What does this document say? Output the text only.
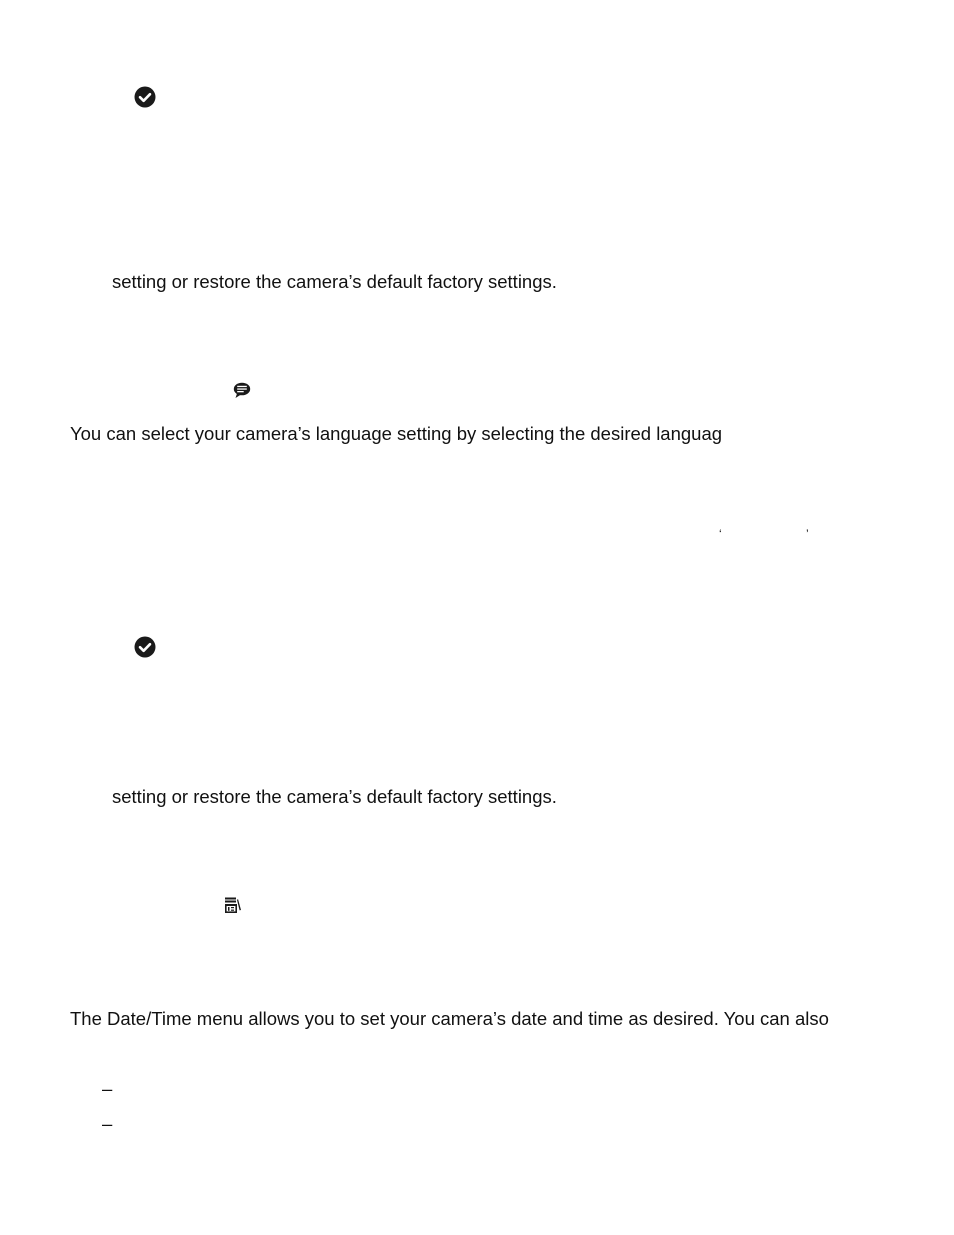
setting or restore the camera’s default factory settings.
You can select your camera’s language setting by selecting the desired languag
‘	’
setting or restore the camera’s default factory settings.
The Date/Time menu allows you to set your camera’s date and time as desired. You can also
–
–
